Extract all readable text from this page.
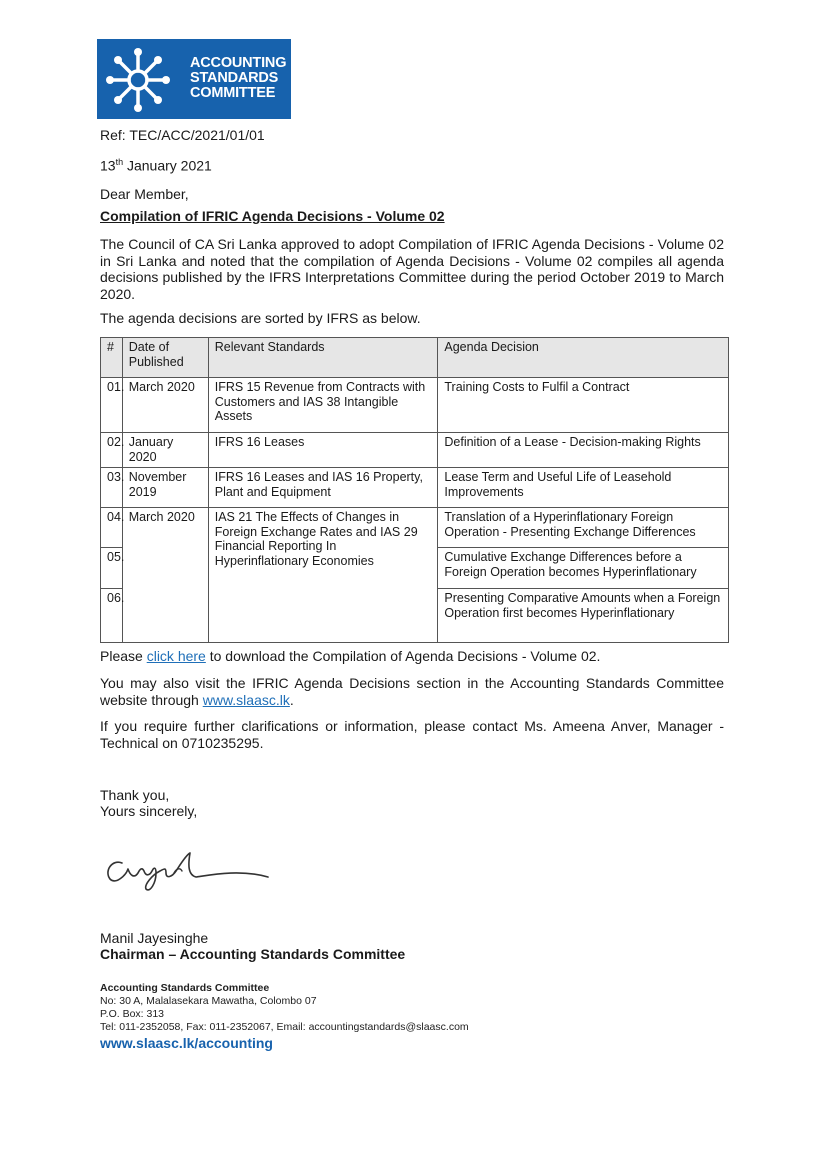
ACCOUNTING
STANDARDS
COMMITTEE
Ref: TEC/ACC/2021/01/01
13th January 2021
Dear Member,
Compilation of IFRIC Agenda Decisions - Volume 02
The Council of CA Sri Lanka approved to adopt Compilation of IFRIC Agenda Decisions - Volume 02 in Sri Lanka and noted that the compilation of Agenda Decisions - Volume 02 compiles all agenda decisions published by the IFRS Interpretations Committee during the period October 2019 to March 2020.
The agenda decisions are sorted by IFRS as below.
#	Date of Published	Relevant Standards	Agenda Decision
01.	March 2020	IFRS 15 Revenue from Contracts with Customers and IAS 38 Intangible Assets	Training Costs to Fulfil a Contract
02.	January 2020	IFRS 16 Leases	Definition of a Lease - Decision-making Rights
03.	November 2019	IFRS 16 Leases and IAS 16 Property, Plant and Equipment	Lease Term and Useful Life of Leasehold Improvements
04.	March 2020	IAS 21 The Effects of Changes in Foreign Exchange Rates and IAS 29 Financial Reporting In Hyperinflationary Economies	Translation of a Hyperinflationary Foreign Operation - Presenting Exchange Differences
05.			Cumulative Exchange Differences before a Foreign Operation becomes Hyperinflationary
06.			Presenting Comparative Amounts when a Foreign Operation first becomes Hyperinflationary
Please click here to download the Compilation of Agenda Decisions - Volume 02.
You may also visit the IFRIC Agenda Decisions section in the Accounting Standards Committee website through www.slaasc.lk.
If you require further clarifications or information, please contact Ms. Ameena Anver, Manager - Technical on 0710235295.
Thank you,
Yours sincerely,
Manil Jayesinghe
Chairman – Accounting Standards Committee
Accounting Standards Committee
No: 30 A, Malalasekara Mawatha, Colombo 07
P.O. Box: 313
Tel: 011-2352058, Fax: 011-2352067, Email: accountingstandards@slaasc.com
www.slaasc.lk/accounting
